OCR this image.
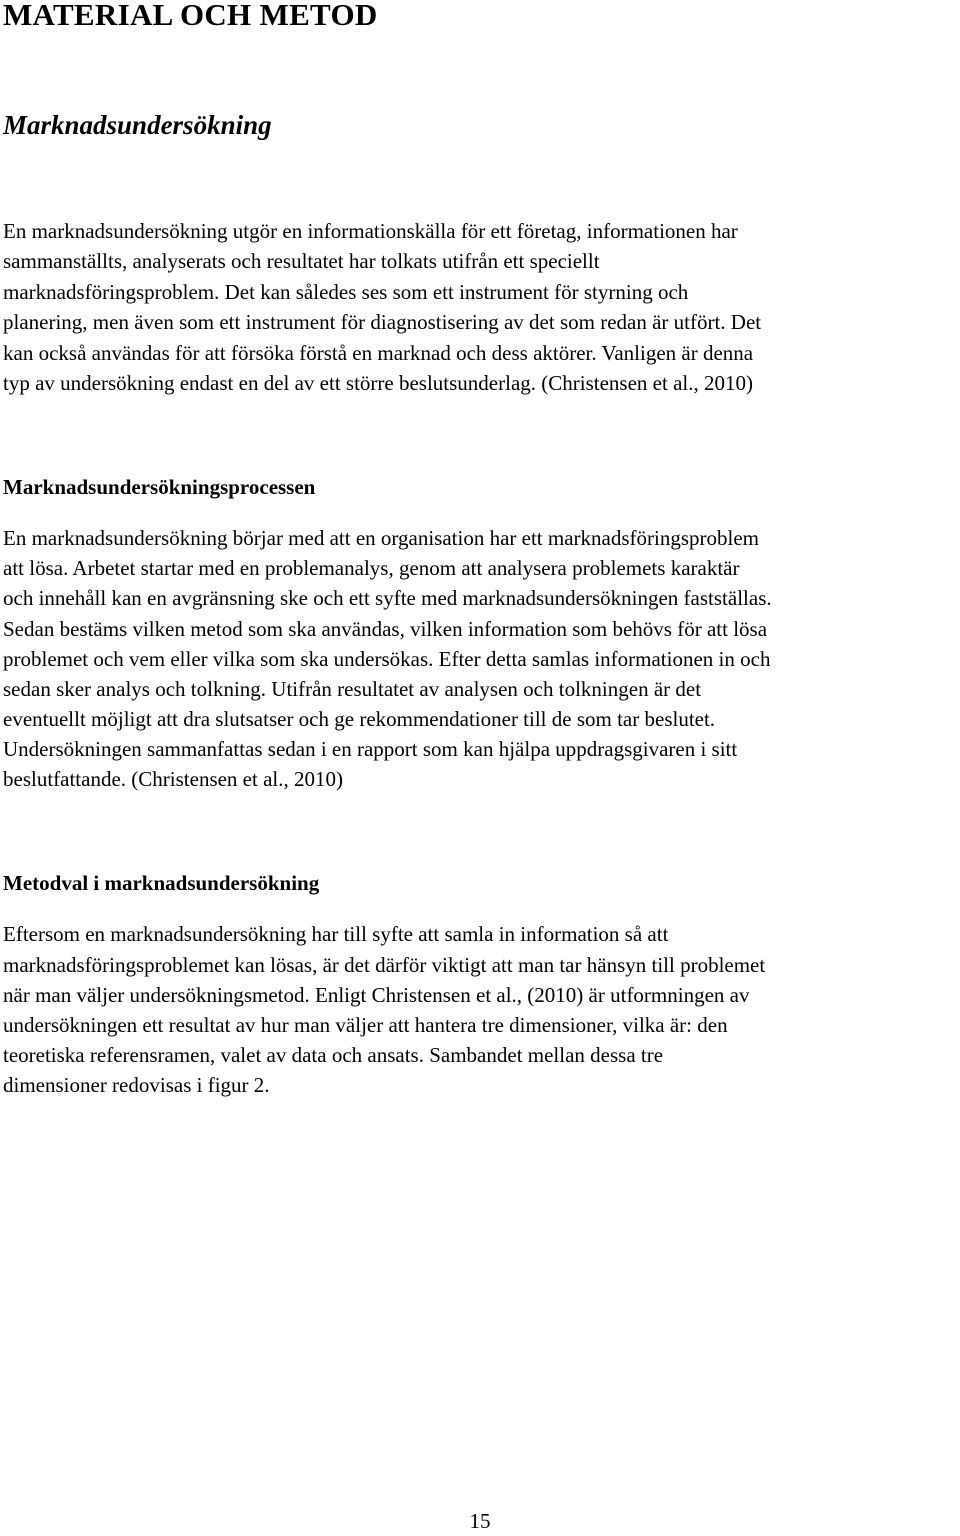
MATERIAL OCH METOD
Marknadsundersökning
En marknadsundersökning utgör en informationskälla för ett företag, informationen har
sammanställts, analyserats och resultatet har tolkats utifrån ett speciellt
marknadsföringsproblem. Det kan således ses som ett instrument för styrning och
planering, men även som ett instrument för diagnostisering av det som redan är utfört. Det
kan också användas för att försöka förstå en marknad och dess aktörer. Vanligen är denna
typ av undersökning endast en del av ett större beslutsunderlag. (Christensen et al., 2010)
Marknadsundersökningsprocessen
En marknadsundersökning börjar med att en organisation har ett marknadsföringsproblem
att lösa. Arbetet startar med en problemanalys, genom att analysera problemets karaktär
och innehåll kan en avgränsning ske och ett syfte med marknadsundersökningen fastställas.
Sedan bestäms vilken metod som ska användas, vilken information som behövs för att lösa
problemet och vem eller vilka som ska undersökas. Efter detta samlas informationen in och
sedan sker analys och tolkning. Utifrån resultatet av analysen och tolkningen är det
eventuellt möjligt att dra slutsatser och ge rekommendationer till de som tar beslutet.
Undersökningen sammanfattas sedan i en rapport som kan hjälpa uppdragsgivaren i sitt
beslutfattande. (Christensen et al., 2010)
Metodval i marknadsundersökning
Eftersom en marknadsundersökning har till syfte att samla in information så att
marknadsföringsproblemet kan lösas, är det därför viktigt att man tar hänsyn till problemet
när man väljer undersökningsmetod. Enligt Christensen et al., (2010) är utformningen av
undersökningen ett resultat av hur man väljer att hantera tre dimensioner, vilka är: den
teoretiska referensramen, valet av data och ansats. Sambandet mellan dessa tre
dimensioner redovisas i figur 2.
15
